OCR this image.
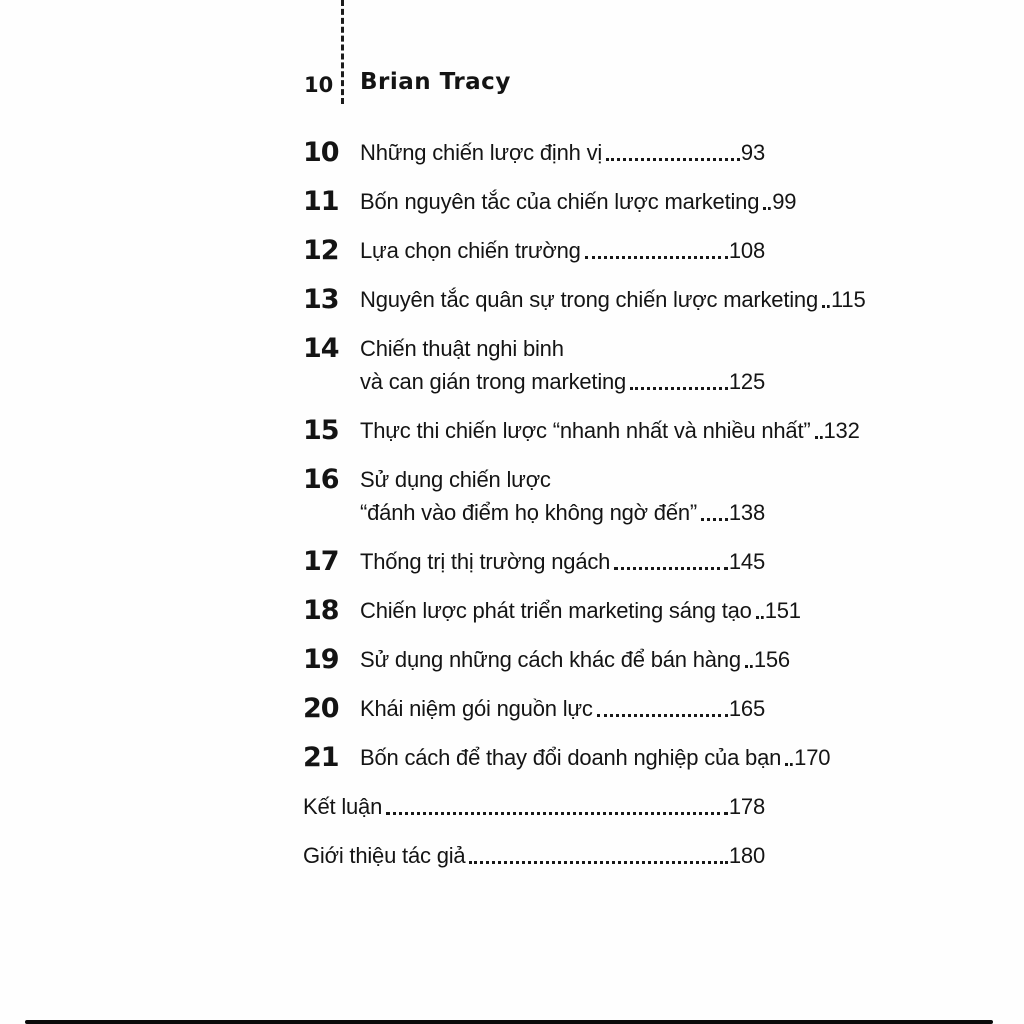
10 Brian Tracy
10 Những chiến lược định vị	93
11 Bốn nguyên tắc của chiến lược marketing 99
12 Lựa chọn chiến trường	108
13 Nguyên tắc quân sự trong chiến lược marketing 115
14 Chiến thuật nghi binh
và can gián trong marketing	125
15 Thực thi chiến lược “nhanh nhất và nhiều nhất” 132
16 Sử dụng chiến lược
“đánh vào điểm họ không ngờ đến” 138
17 Thống trị thị trường ngách	145
18 Chiến lược phát triển marketing sáng tạo 151
19 Sử dụng những cách khác để bán hàng 156
20 Khái niệm gói nguồn lực	165
21 Bốn cách để thay đổi doanh nghiệp của bạn 170
Kết luận	178
Giới thiệu tác giả	180
